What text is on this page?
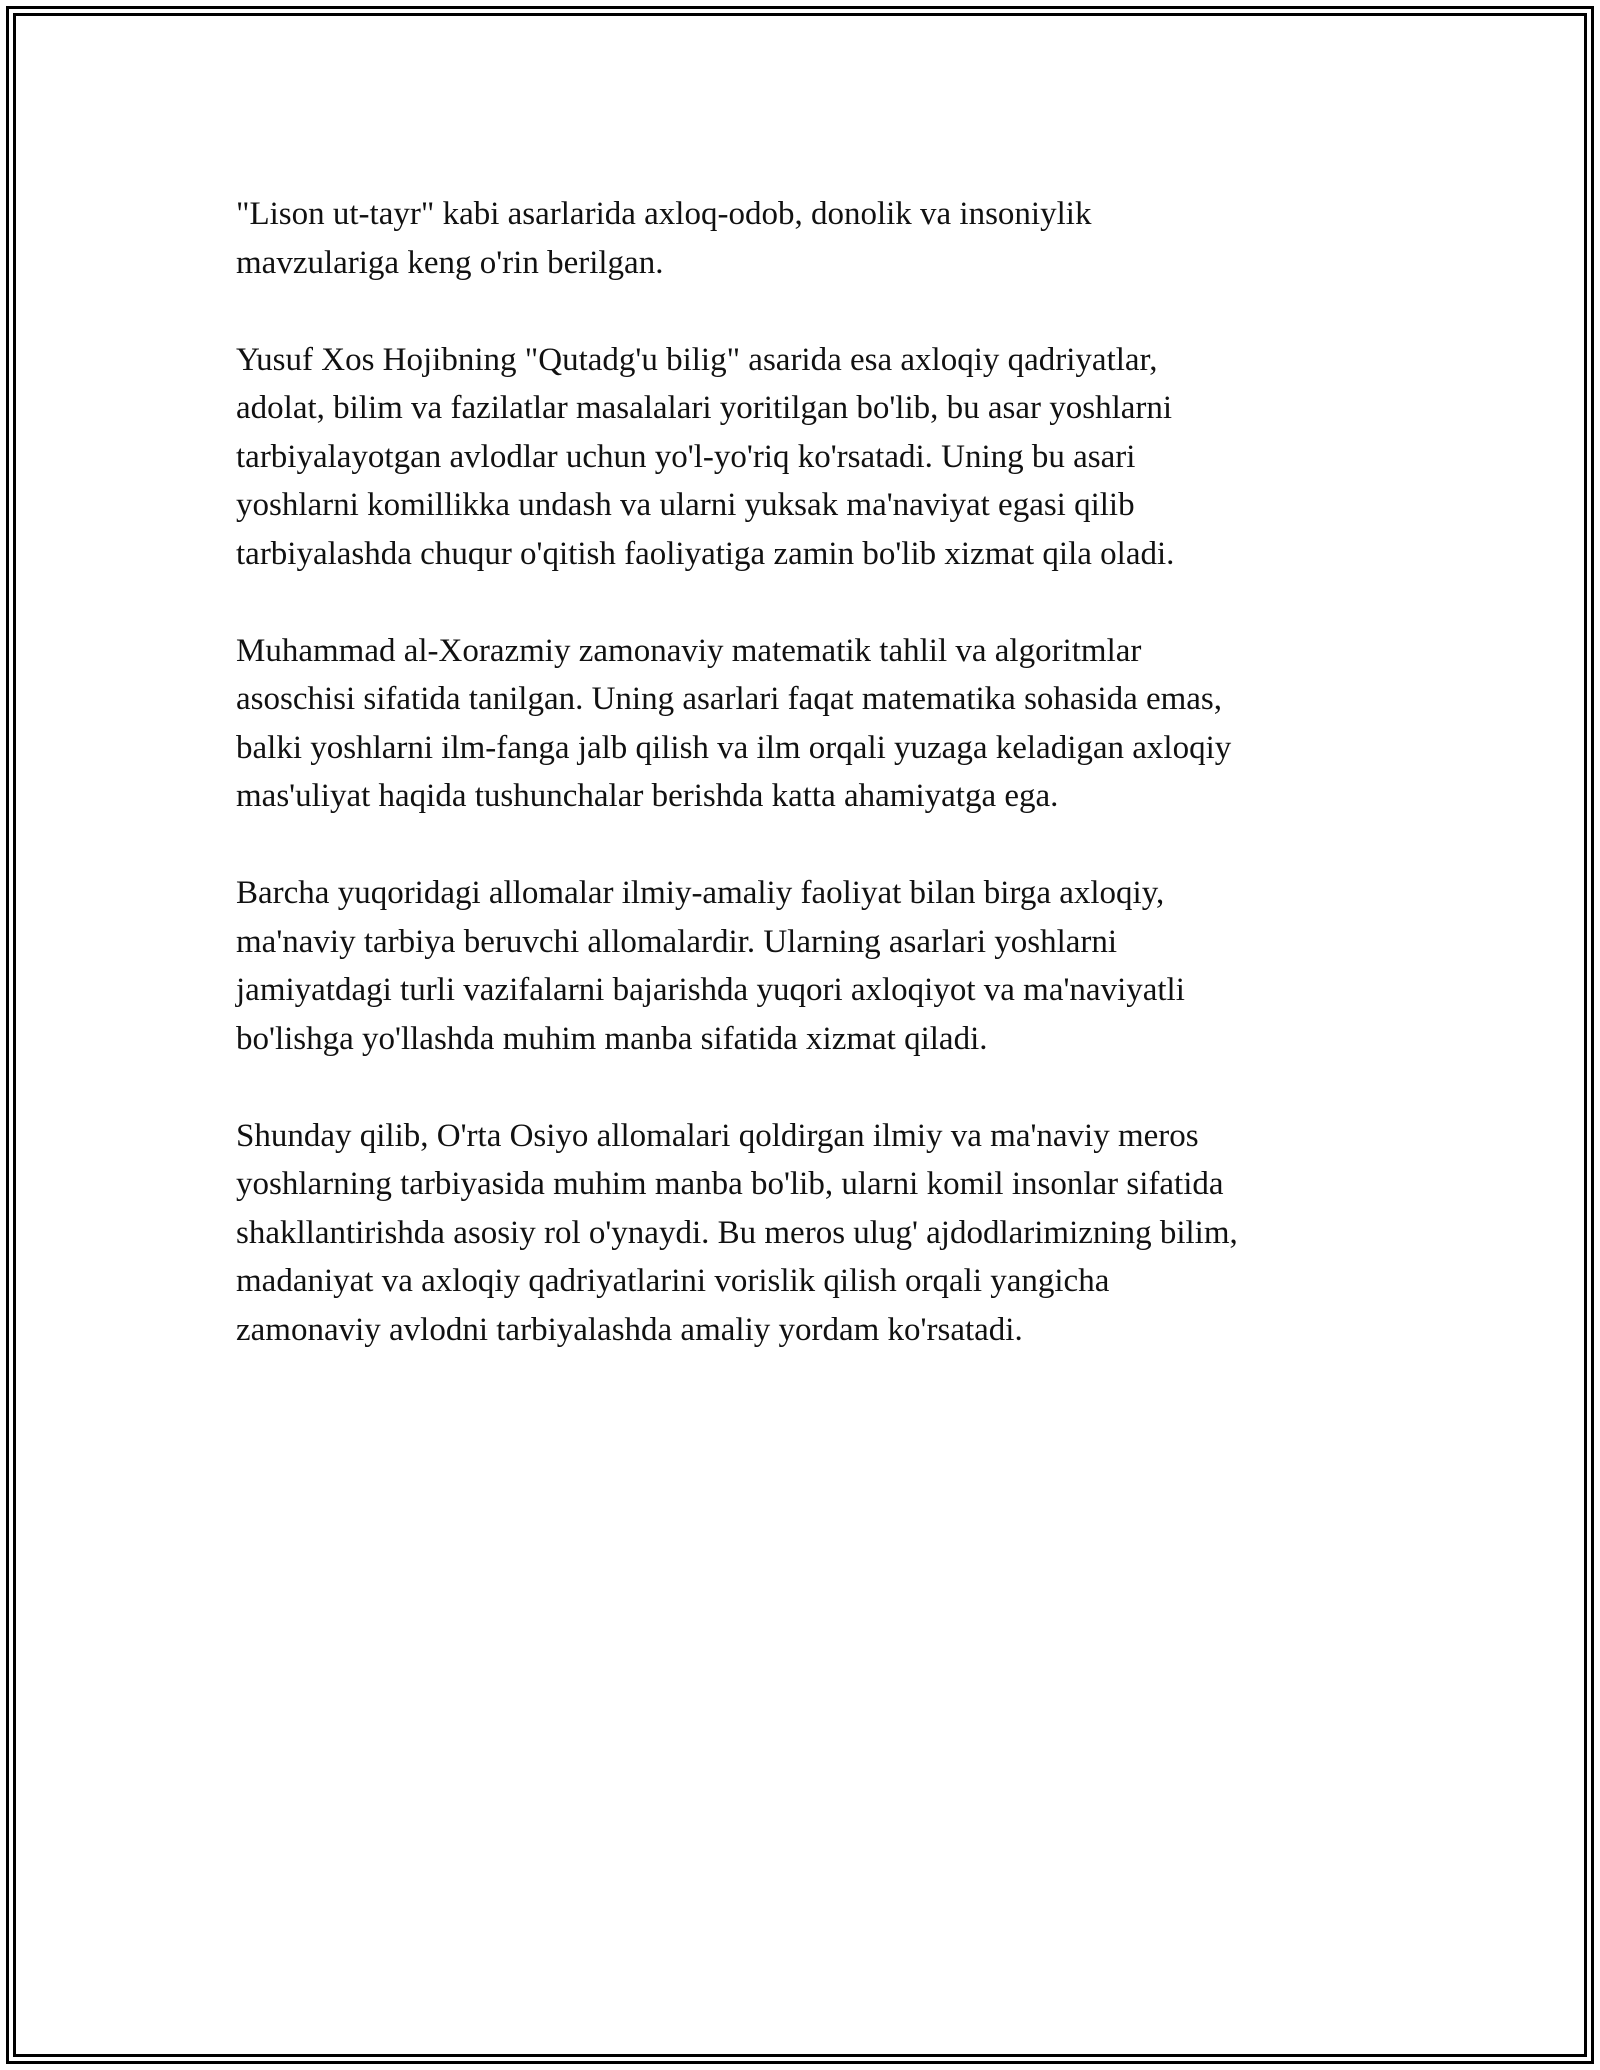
"Lison ut-tayr" kabi asarlarida axloq-odob, donolik va insoniylik
mavzulariga keng o'rin berilgan.

Yusuf Xos Hojibning "Qutadg'u bilig" asarida esa axloqiy qadriyatlar,
adolat, bilim va fazilatlar masalalari yoritilgan bo'lib, bu asar yoshlarni
tarbiyalayotgan avlodlar uchun yo'l-yo'riq ko'rsatadi. Uning bu asari
yoshlarni komillikka undash va ularni yuksak ma'naviyat egasi qilib
tarbiyalashda chuqur o'qitish faoliyatiga zamin bo'lib xizmat qila oladi.

Muhammad al-Xorazmiy zamonaviy matematik tahlil va algoritmlar
asoschisi sifatida tanilgan. Uning asarlari faqat matematika sohasida emas,
balki yoshlarni ilm-fanga jalb qilish va ilm orqali yuzaga keladigan axloqiy
mas'uliyat haqida tushunchalar berishda katta ahamiyatga ega.

Barcha yuqoridagi allomalar ilmiy-amaliy faoliyat bilan birga axloqiy,
ma'naviy tarbiya beruvchi allomalardir. Ularning asarlari yoshlarni
jamiyatdagi turli vazifalarni bajarishda yuqori axloqiyot va ma'naviyatli
bo'lishga yo'llashda muhim manba sifatida xizmat qiladi.

Shunday qilib, O'rta Osiyo allomalari qoldirgan ilmiy va ma'naviy meros
yoshlarning tarbiyasida muhim manba bo'lib, ularni komil insonlar sifatida
shakllantirishda asosiy rol o'ynaydi. Bu meros ulug' ajdodlarimizning bilim,
madaniyat va axloqiy qadriyatlarini vorislik qilish orqali yangicha
zamonaviy avlodni tarbiyalashda amaliy yordam ko'rsatadi.
